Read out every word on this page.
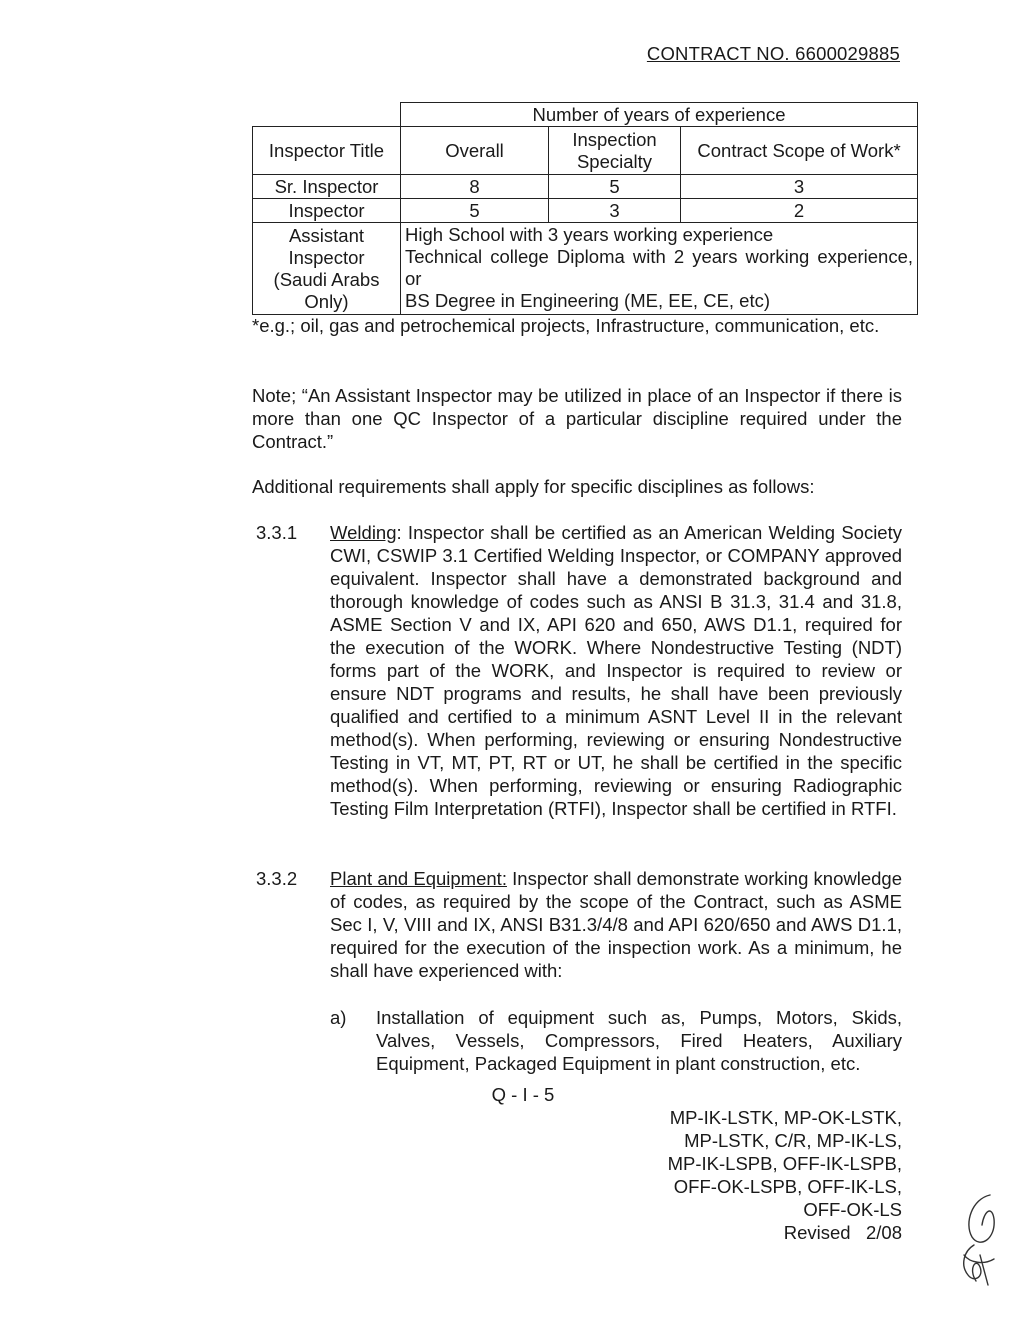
CONTRACT NO. 6600029885
	Number of years of experience		
Inspector Title	Overall	Inspection Specialty	Contract Scope of Work*
Sr. Inspector	8	5	3
Inspector	5	3	2
Assistant Inspector (Saudi Arabs Only)	High School with 3 years working experience
Technical college Diploma with 2 years working experience, or
BS Degree in Engineering (ME, EE, CE, etc)		
*e.g.; oil, gas and petrochemical projects, Infrastructure, communication, etc.
Note; “An Assistant Inspector may be utilized in place of an Inspector if there is more than one QC Inspector of a particular discipline required under the Contract.”
Additional requirements shall apply for specific disciplines as follows:
3.3.1 Welding: Inspector shall be certified as an American Welding Society CWI, CSWIP 3.1 Certified Welding Inspector, or COMPANY approved equivalent. Inspector shall have a demonstrated background and thorough knowledge of codes such as ANSI B 31.3, 31.4 and 31.8, ASME Section V and IX, API 620 and 650, AWS D1.1, required for the execution of the WORK. Where Nondestructive Testing (NDT) forms part of the WORK, and Inspector is required to review or ensure NDT programs and results, he shall have been previously qualified and certified to a minimum ASNT Level II in the relevant method(s). When performing, reviewing or ensuring Nondestructive Testing in VT, MT, PT, RT or UT, he shall be certified in the specific method(s). When performing, reviewing or ensuring Radiographic Testing Film Interpretation (RTFI), Inspector shall be certified in RTFI.
3.3.2 Plant and Equipment: Inspector shall demonstrate working knowledge of codes, as required by the scope of the Contract, such as ASME Sec I, V, VIII and IX, ANSI B31.3/4/8 and API 620/650 and AWS D1.1, required for the execution of the inspection work. As a minimum, he shall have experienced with:
a) Installation of equipment such as, Pumps, Motors, Skids, Valves, Vessels, Compressors, Fired Heaters, Auxiliary Equipment, Packaged Equipment in plant construction, etc.
Q - I - 5
MP-IK-LSTK, MP-OK-LSTK,
MP-LSTK, C/R, MP-IK-LS,
MP-IK-LSPB, OFF-IK-LSPB,
OFF-OK-LSPB, OFF-IK-LS,
OFF-OK-LS
Revised 2/08
